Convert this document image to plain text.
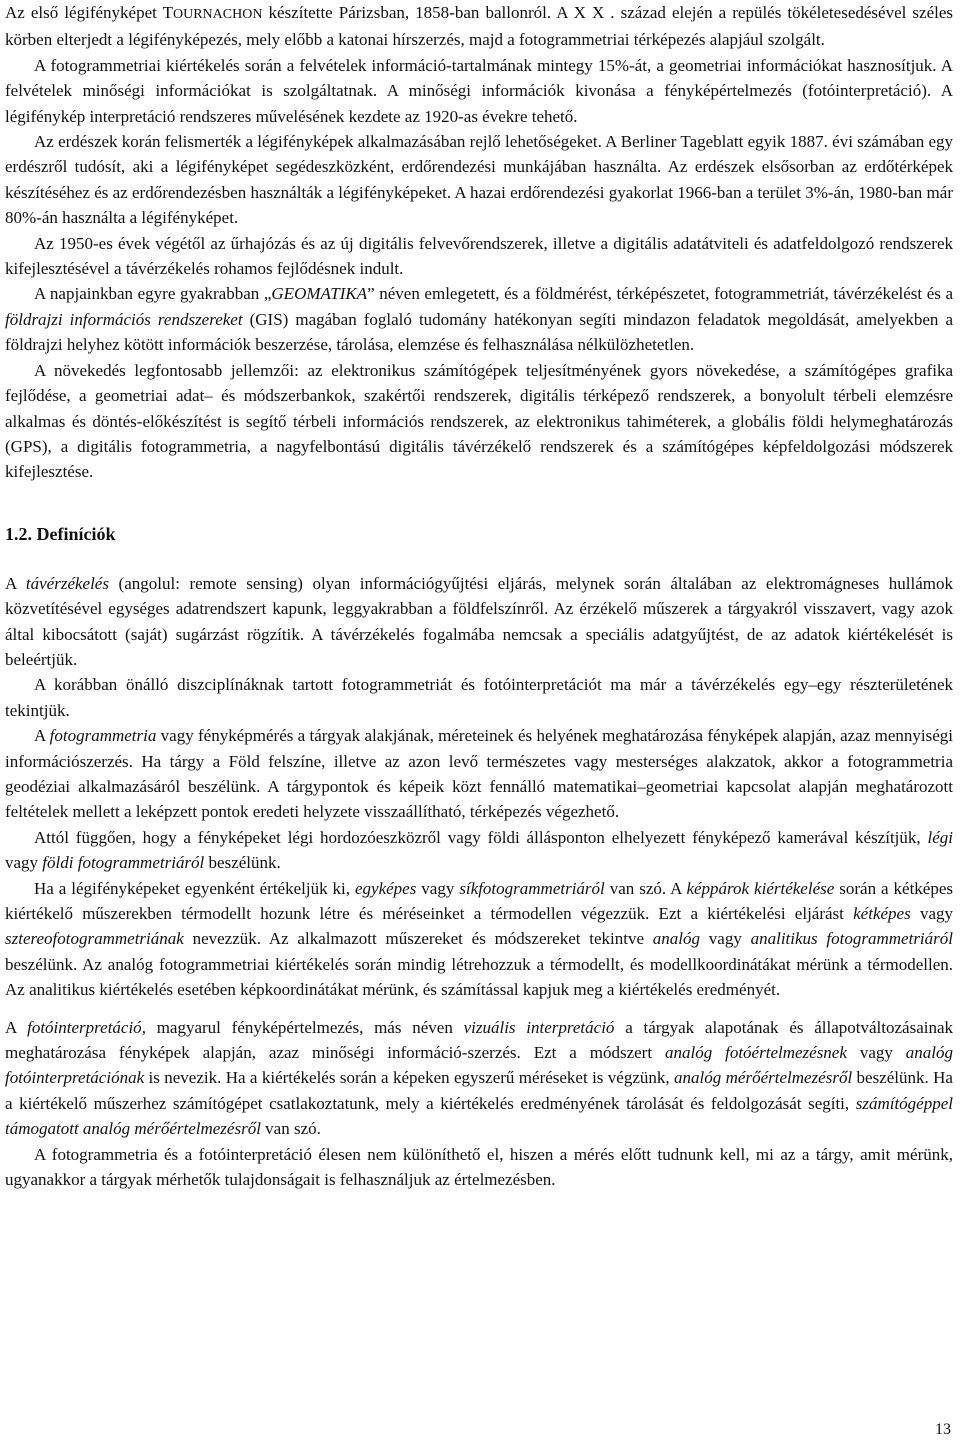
Az első légifényképet TOURNACHON készítette Párizsban, 1858-ban ballonról. A X X . század elején a repülés tökéletesedésével széles körben elterjedt a légifényképezés, mely előbb a katonai hírszerzés, majd a fotogrammetriai térképezés alapjául szolgált.

A fotogrammetriai kiértékelés során a felvételek információ-tartalmának mintegy 15%-át, a geometriai információkat hasznosítjuk. A felvételek minőségi információkat is szolgáltatnak. A minőségi információk kivonása a fényképértelmezés (fotóinterpretáció). A légifénykép interpretáció rendszeres művelésének kezdete az 1920-as évekre tehető.

Az erdészek korán felismerték a légifényképek alkalmazásában rejlő lehetőségeket. A Berliner Tageblatt egyik 1887. évi számában egy erdészről tudósít, aki a légifényképet segédeszközként, erdőrendezési munkájában használta. Az erdészek elsősorban az erdőtérképek készítéséhez és az erdőrendezésben használták a légifényképeket. A hazai erdőrendezési gyakorlat 1966-ban a terület 3%-án, 1980-ban már 80%-án használta a légifényképet.

Az 1950-es évek végétől az űrhajózás és az új digitális felvevőrendszerek, illetve a digitális adatátviteli és adatfeldolgozó rendszerek kifejlesztésével a távérzékelés rohamos fejlődésnek indult.

A napjainkban egyre gyakrabban „GEOMATIKA” néven emlegetett, és a földmérést, térképészetet, fotogrammetriát, távérzékelést és a földrajzi információs rendszereket (GIS) magában foglaló tudomány hatékonyan segíti mindazon feladatok megoldását, amelyekben a földrajzi helyhez kötött információk beszerzése, tárolása, elemzése és felhasználása nélkülözhetetlen.

A növekedés legfontosabb jellemzői: az elektronikus számítógépek teljesítményének gyors növekedése, a számítógépes grafika fejlődése, a geometriai adat– és módszerbankok, szakértői rendszerek, digitális térképező rendszerek, a bonyolult térbeli elemzésre alkalmas és döntés-előkészítést is segítő térbeli információs rendszerek, az elektronikus tahiméterek, a globális földi helymeghatározás (GPS), a digitális fotogrammetria, a nagyfelbontású digitális távérzékelő rendszerek és a számítógépes képfeldolgozási módszerek kifejlesztése.

1.2. Definíciók

A távérzékelés (angolul: remote sensing) olyan információgyűjtési eljárás, melynek során általában az elektromágneses hullámok közvetítésével egységes adatrendszert kapunk, leggyakrabban a földfelszínről. Az érzékelő műszerek a tárgyakról visszavert, vagy azok által kibocsátott (saját) sugárzást rögzítik. A távérzékelés fogalmába nemcsak a speciális adatgyűjtést, de az adatok kiértékelését is beleértjük.

A korábban önálló diszciplínáknak tartott fotogrammetriát és fotóinterpretációt ma már a távérzékelés egy–egy részterületének tekintjük.

A fotogrammetria vagy fényképmérés a tárgyak alakjának, méreteinek és helyének meghatározása fényképek alapján, azaz mennyiségi információszerzés. Ha tárgy a Föld felszíne, illetve az azon levő természetes vagy mesterséges alakzatok, akkor a fotogrammetria geodéziai alkalmazásáról beszélünk. A tárgypontok és képeik közt fennálló matematikai–geometriai kapcsolat alapján meghatározott feltételek mellett a leképzett pontok eredeti helyzete visszaállítható, térképezés végezhető.

Attól függően, hogy a fényképeket légi hordozóeszközről vagy földi állásponton elhelyezett fényképező kamerával készítjük, légi vagy földi fotogrammetriáról beszélünk.

Ha a légifényképeket egyenként értékeljük ki, egyképes vagy síkfotogrammetriáról van szó. A képpárok kiértékelése során a kétképes kiértékelő műszerekben térmodellt hozunk létre és méréseinket a térmodellen végezzük. Ezt a kiértékelési eljárást kétképes vagy sztereofotogrammetriának nevezzük. Az alkalmazott műszereket és módszereket tekintve analóg vagy analitikus fotogrammetriáról beszélünk. Az analóg fotogrammetriai kiértékelés során mindig létrehozzuk a térmodellt, és modellkoordinátákat mérünk a térmodellen. Az analitikus kiértékelés esetében képkoordinátákat mérünk, és számítással kapjuk meg a kiértékelés eredményét.

A fotóinterpretáció, magyarul fényképértelmezés, más néven vizuális interpretáció a tárgyak alapotának és állapotváltozásainak meghatározása fényképek alapján, azaz minőségi információ-szerzés. Ezt a módszert analóg fotóértelmezésnek vagy analóg fotóinterpretációnak is nevezik. Ha a kiértékelés során a képeken egyszerű méréseket is végzünk, analóg mérőértelmezésről beszélünk. Ha a kiértékelő műszerhez számítógépet csatlakoztatunk, mely a kiértékelés eredményének tárolását és feldolgozását segíti, számítógéppel támogatott analóg mérőértelmezésről van szó.

A fotogrammetria és a fotóinterpretáció élesen nem különíthető el, hiszen a mérés előtt tudnunk kell, mi az a tárgy, amit mérünk, ugyanakkor a tárgyak mérhetők tulajdonságait is felhasználjuk az értelmezésben.

13
